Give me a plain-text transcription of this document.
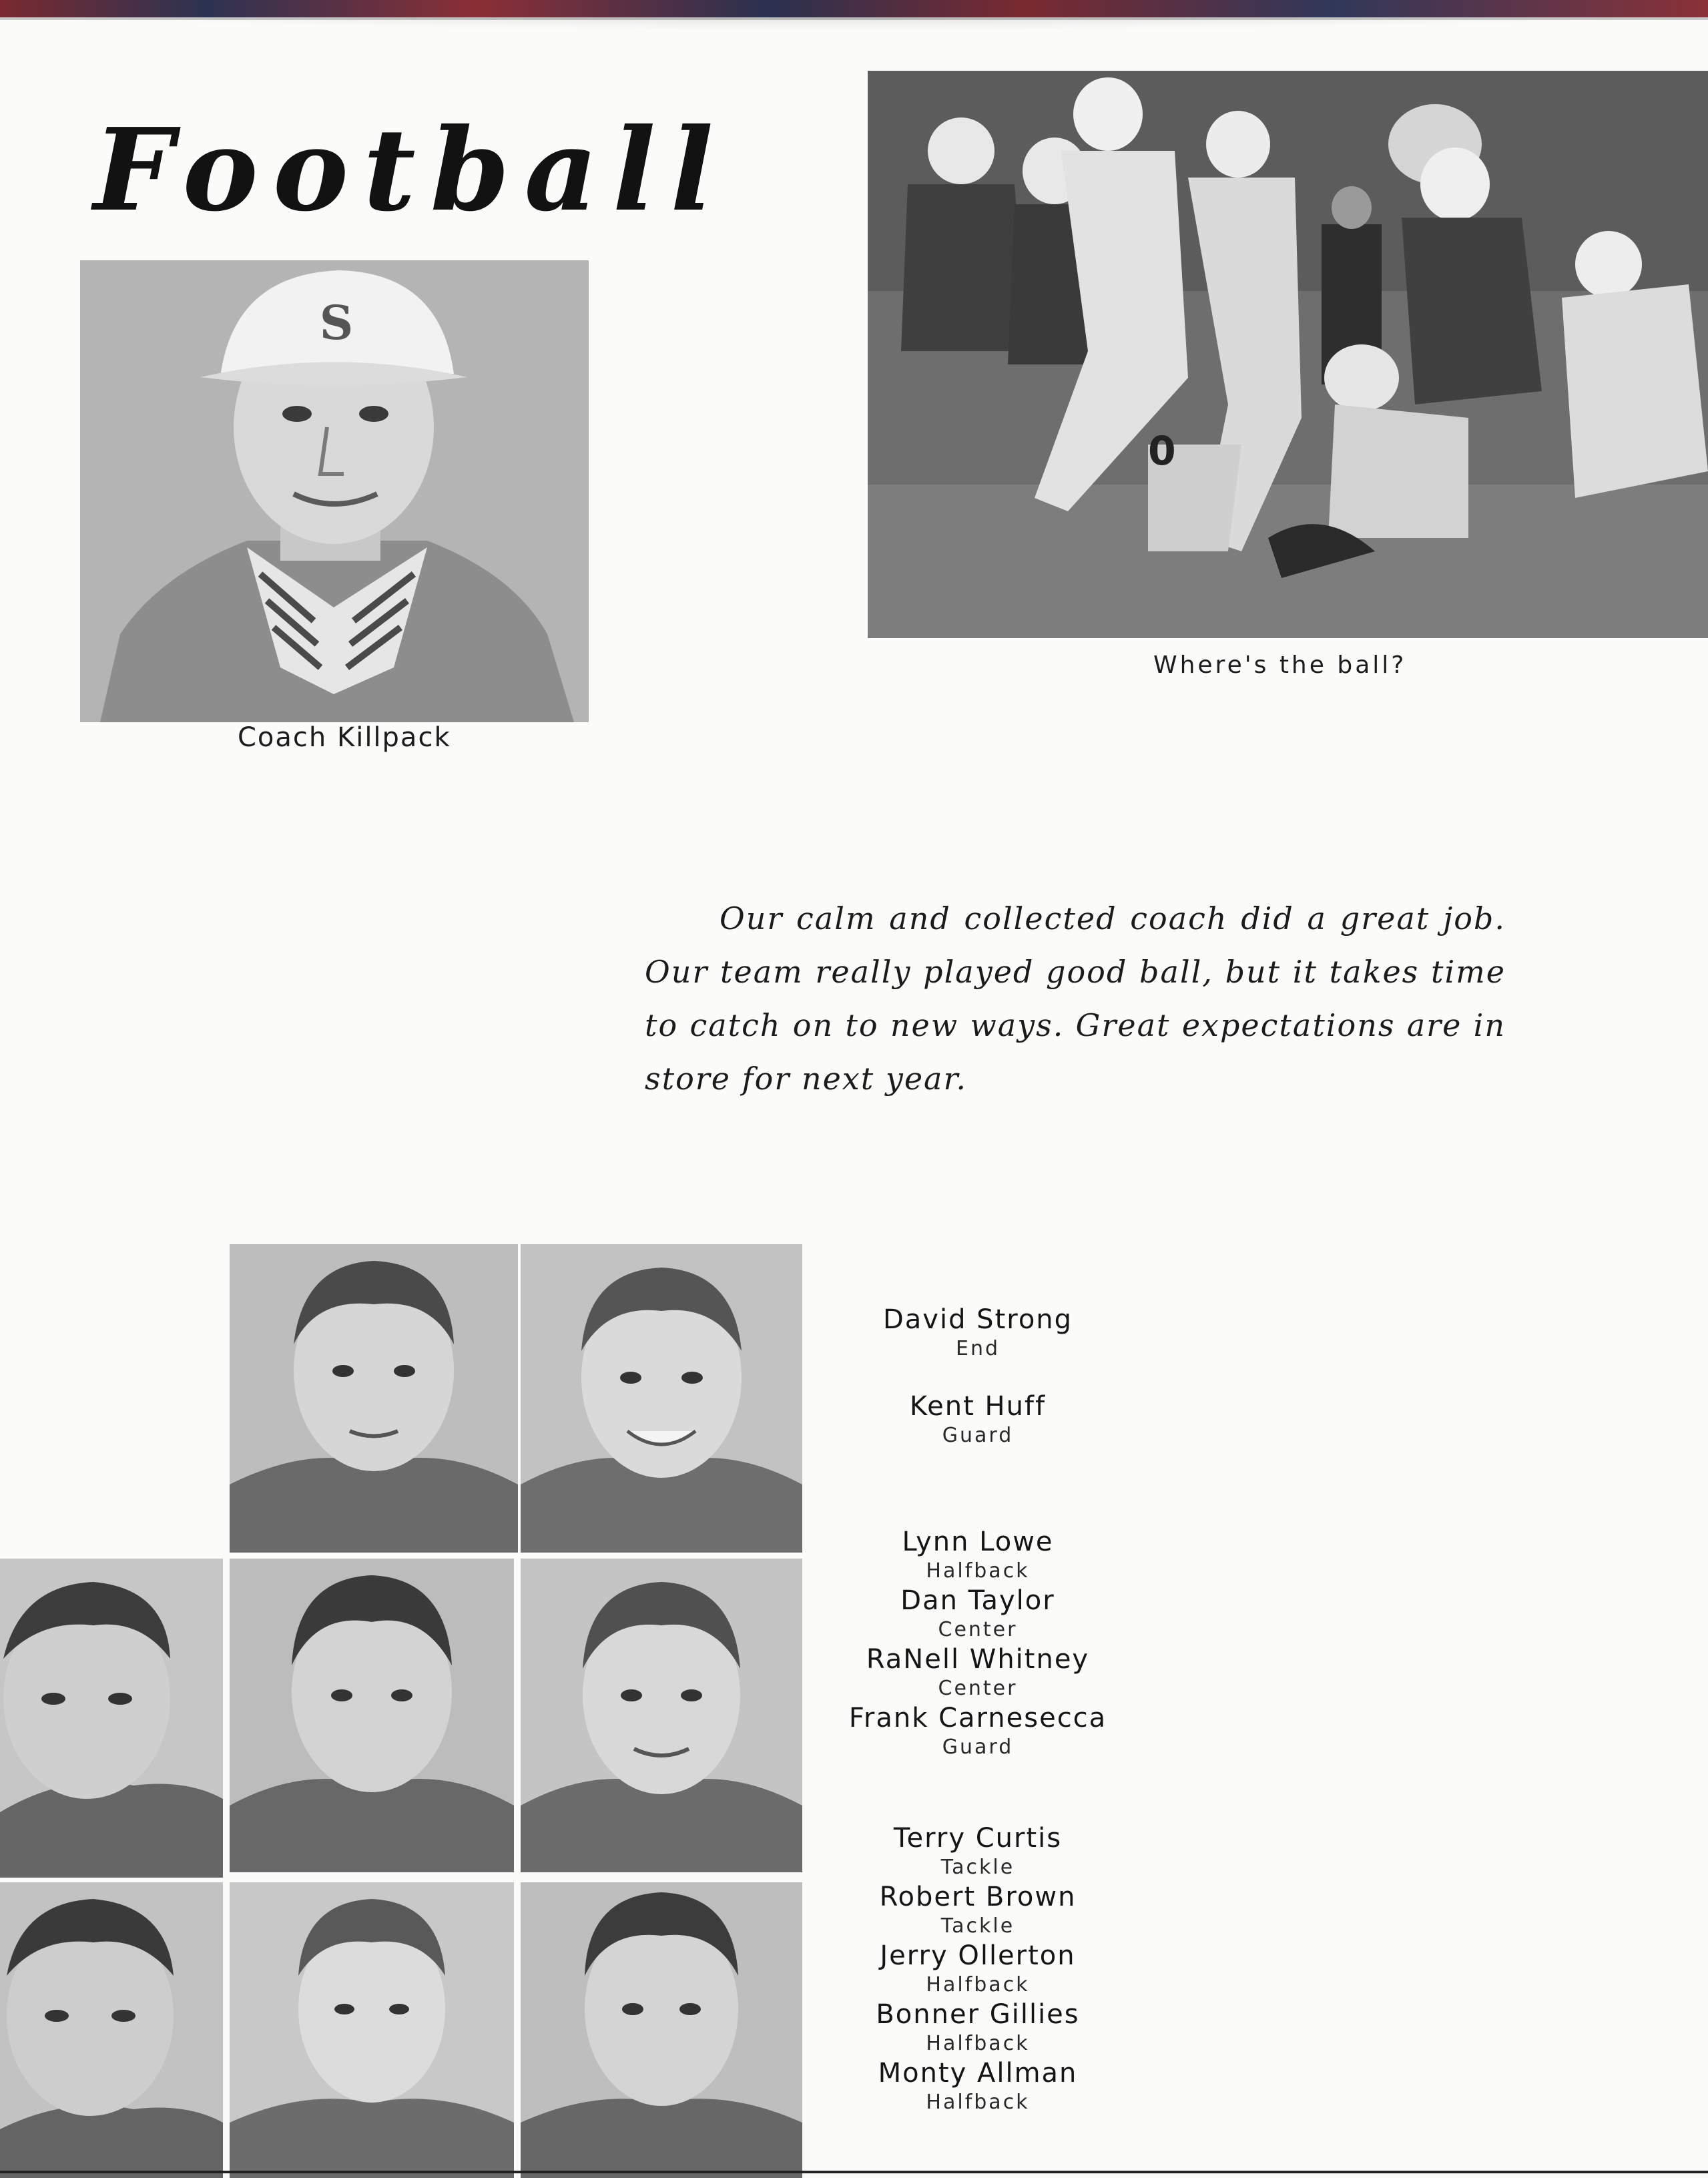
Football
S
Coach Killpack
0
Where's the ball?
Our calm and collected coach did a great job. Our team really played good ball, but it takes time to catch on to new ways. Great expectations are in store for next year.
David Strong
End
Kent Huff
Guard
Lynn Lowe
Halfback
Dan Taylor
Center
RaNell Whitney
Center
Frank Carnesecca
Guard
Terry Curtis
Tackle
Robert Brown
Tackle
Jerry Ollerton
Halfback
Bonner Gillies
Halfback
Monty Allman
Halfback
